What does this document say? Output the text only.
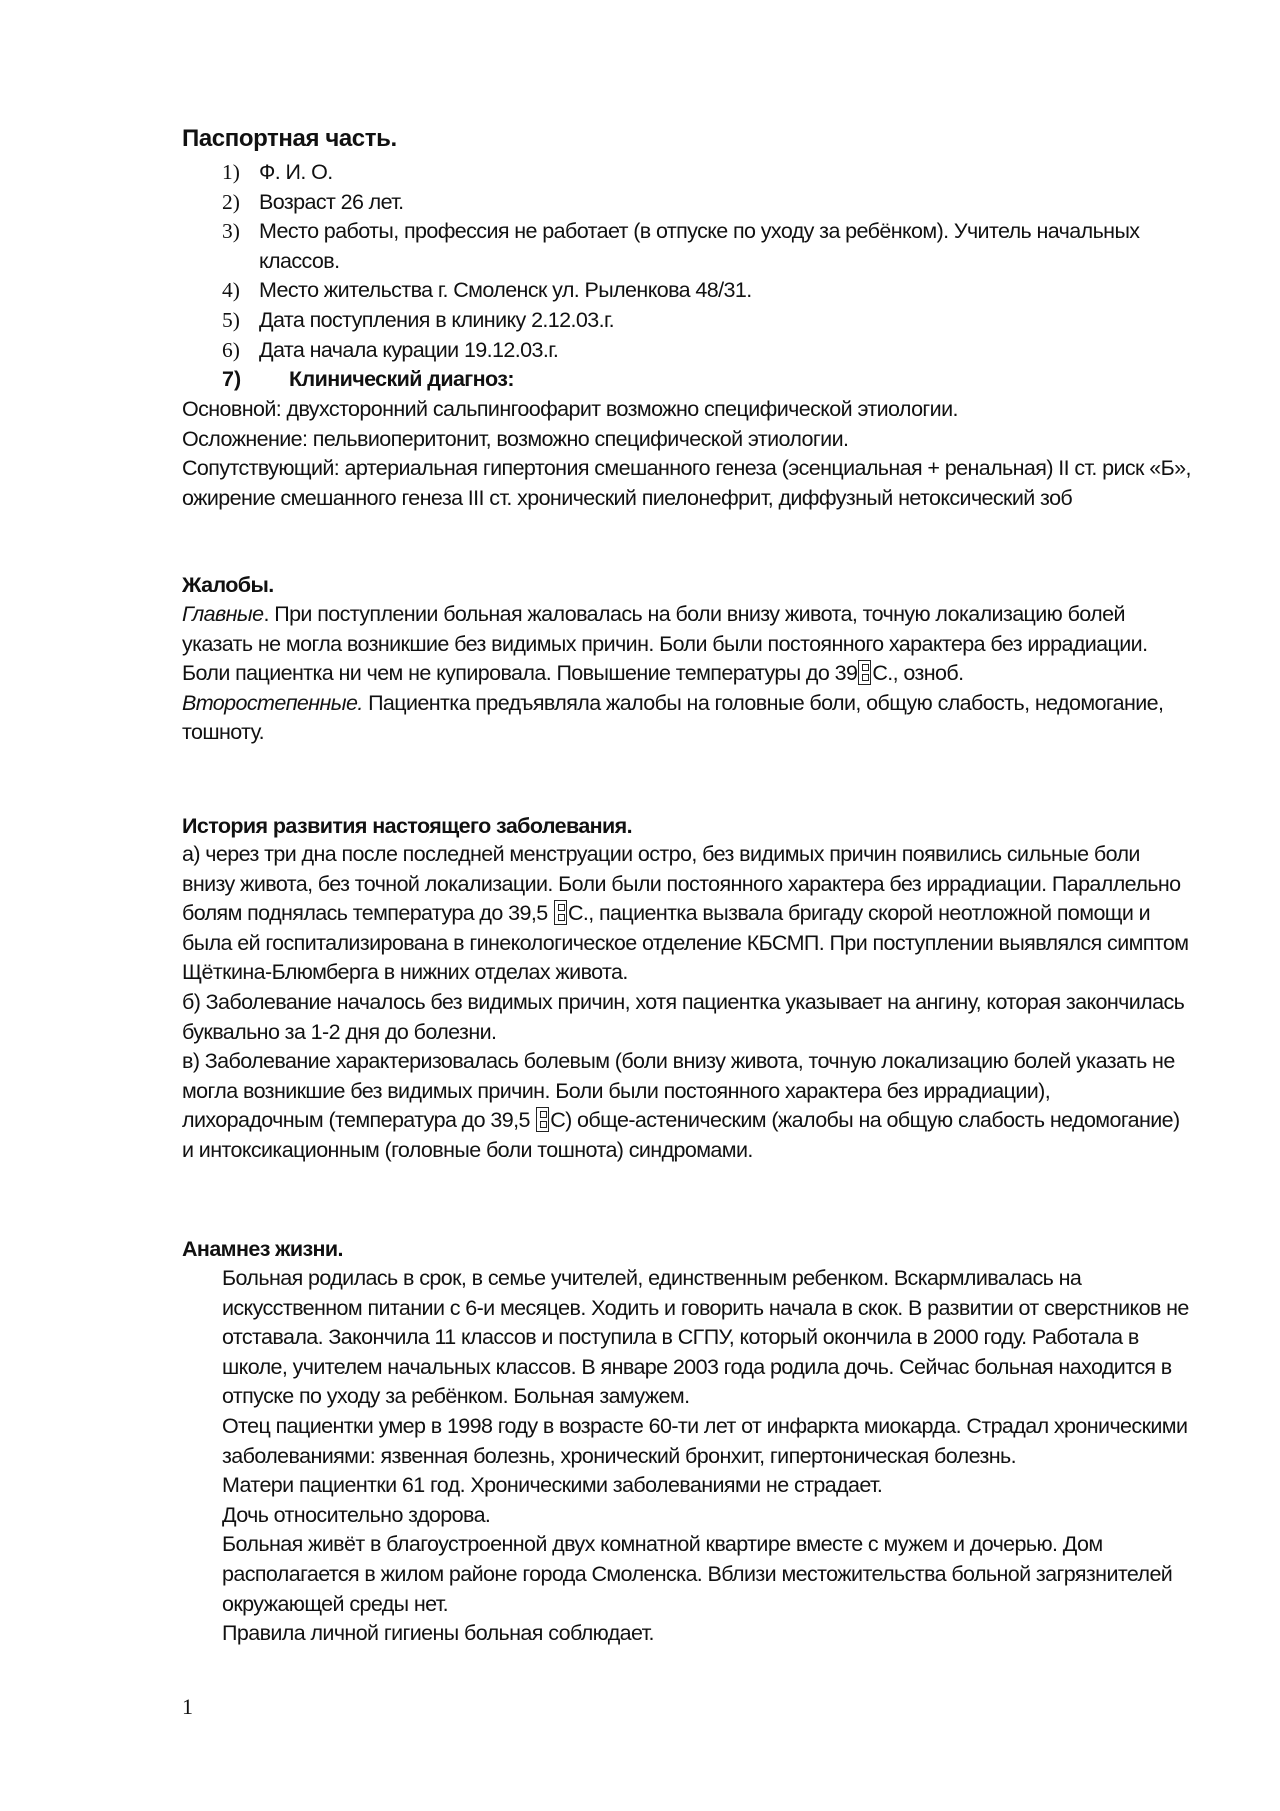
Паспортная часть.
1) Ф. И. О.
2) Возраст 26 лет.
3) Место работы, профессия не работает (в отпуске по уходу за ребёнком). Учитель начальных классов.
4) Место жительства г. Смоленск ул. Рыленкова 48/31.
5) Дата поступления в клинику 2.12.03.г.
6) Дата начала курации 19.12.03.г.
7) Клинический диагноз:

Основной: двухсторонний сальпингоофарит возможно специфической этиологии.

Осложнение: пельвиоперитонит, возможно специфической этиологии.

Сопутствующий: артериальная гипертония смешанного генеза (эсенциальная + ренальная) II ст. риск «Б», ожирение смешанного генеза III ст. хронический пиелонефрит, диффузный нетоксический зоб

Жалобы.

Главные. При поступлении больная жаловалась на боли внизу живота, точную локализацию болей указать не могла возникшие без видимых причин. Боли были постоянного характера без иррадиации. Боли пациентка ни чем не купировала. Повышение температуры до 39 С., озноб.

Второстепенные. Пациентка предъявляла жалобы на головные боли, общую слабость, недомогание, тошноту.

История развития настоящего заболевания.

а) через три дна после последней менструации остро, без видимых причин появились сильные боли внизу живота, без точной локализации. Боли были постоянного характера без иррадиации. Параллельно болям поднялась температура до 39,5 С., пациентка вызвала бригаду скорой неотложной помощи и была ей госпитализирована в гинекологическое отделение КБСМП. При поступлении выявлялся симптом Щёткина-Блюмберга в нижних отделах живота.

б) Заболевание началось без видимых причин, хотя пациентка указывает на ангину, которая закончилась буквально за 1-2 дня до болезни.

в) Заболевание характеризовалась болевым (боли внизу живота, точную локализацию болей указать не могла возникшие без видимых причин. Боли были постоянного характера без иррадиации), лихорадочным (температура до 39,5 С) обще-астеническим (жалобы на общую слабость недомогание) и интоксикационным (головные боли тошнота) синдромами.

Анамнез жизни.

Больная родилась в срок, в семье учителей, единственным ребенком. Вскармливалась на искусственном питании с 6-и месяцев. Ходить и говорить начала в скок. В развитии от сверстников не отставала. Закончила 11 классов и поступила в СГПУ, который окончила в 2000 году. Работала в школе, учителем начальных классов. В январе 2003 года родила дочь. Сейчас больная находится в отпуске по уходу за ребёнком. Больная замужем.

Отец пациентки умер в 1998 году в возрасте 60-ти лет от инфаркта миокарда. Страдал хроническими заболеваниями: язвенная болезнь, хронический бронхит, гипертоническая болезнь.

Матери пациентки 61 год. Хроническими заболеваниями не страдает.

Дочь относительно здорова.

Больная живёт в благоустроенной двух комнатной квартире вместе с мужем и дочерью. Дом располагается в жилом районе города Смоленска. Вблизи местожительства больной загрязнителей окружающей среды нет.

Правила личной гигиены больная соблюдает.

1
